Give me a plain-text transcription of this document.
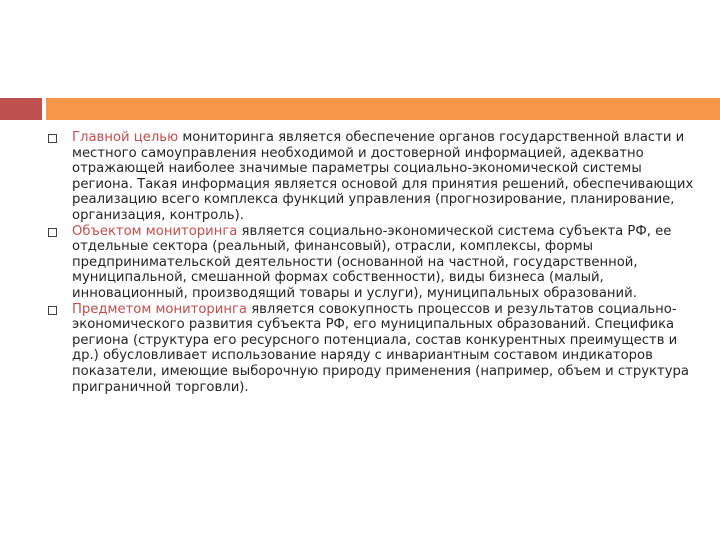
Главной целью мониторинга является обеспечение органов государственной власти и местного самоуправления необходимой и достоверной информацией, адекватно отражающей наиболее значимые параметры социально-экономической системы региона. Такая информация является основой для принятия решений, обеспечивающих реализацию всего комплекса функций управления (прогнозирование, планирование, организация, контроль).
Объектом мониторинга является социально-экономической система субъекта РФ, ее отдельные сектора (реальный, финансовый), отрасли, комплексы, формы предпринимательской деятельности (основанной на частной, государственной, муниципальной, смешанной формах собственности), виды бизнеса (малый, инновационный, производящий товары и услуги), муниципальных образований.
Предметом мониторинга является совокупность процессов и результатов социально-экономического развития субъекта РФ, его муниципальных образований. Специфика региона (структура его ресурсного потенциала, состав конкурентных преимуществ и др.) обусловливает использование наряду с инвариантным составом индикаторов показатели, имеющие выборочную природу применения (например, объем и структура приграничной торговли).
